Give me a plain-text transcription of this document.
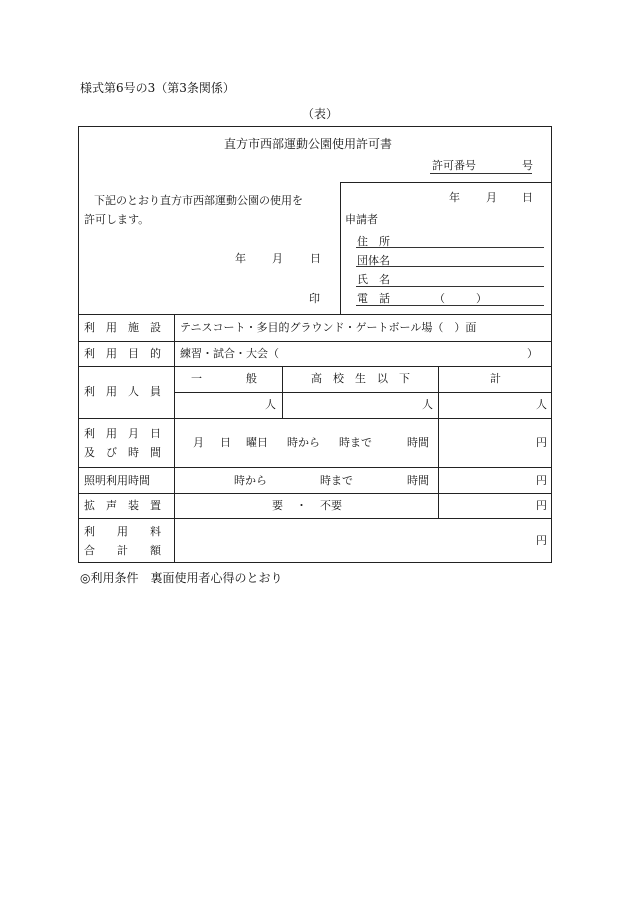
様式第6号の3（第3条関係）
（表）
直方市西部運動公園使用許可書
許可番号	号
下記のとおり直方市西部運動公園の使用を
許可します。
年 月 日
印
年 月 日
申請者
住　所
団体名
氏　名
電　話	（	）
利　用　施　設 テニスコート・多目的グラウンド・ゲートボール場（　）面
利　用　目　的 練習・試合・大会（	）
利　用　人　員
一　　　　般	高　校　生　以　下	計
人	人	人
利　用　月　日
及　び　時　間
月 日 曜日 時から 時まで	時間	円
照明利用時間	時から	時まで	時間	円
拡　声　装　置	要 ・ 不要	円
利　　用　　料
合　　計　　額
円
◎利用条件　裏面使用者心得のとおり
